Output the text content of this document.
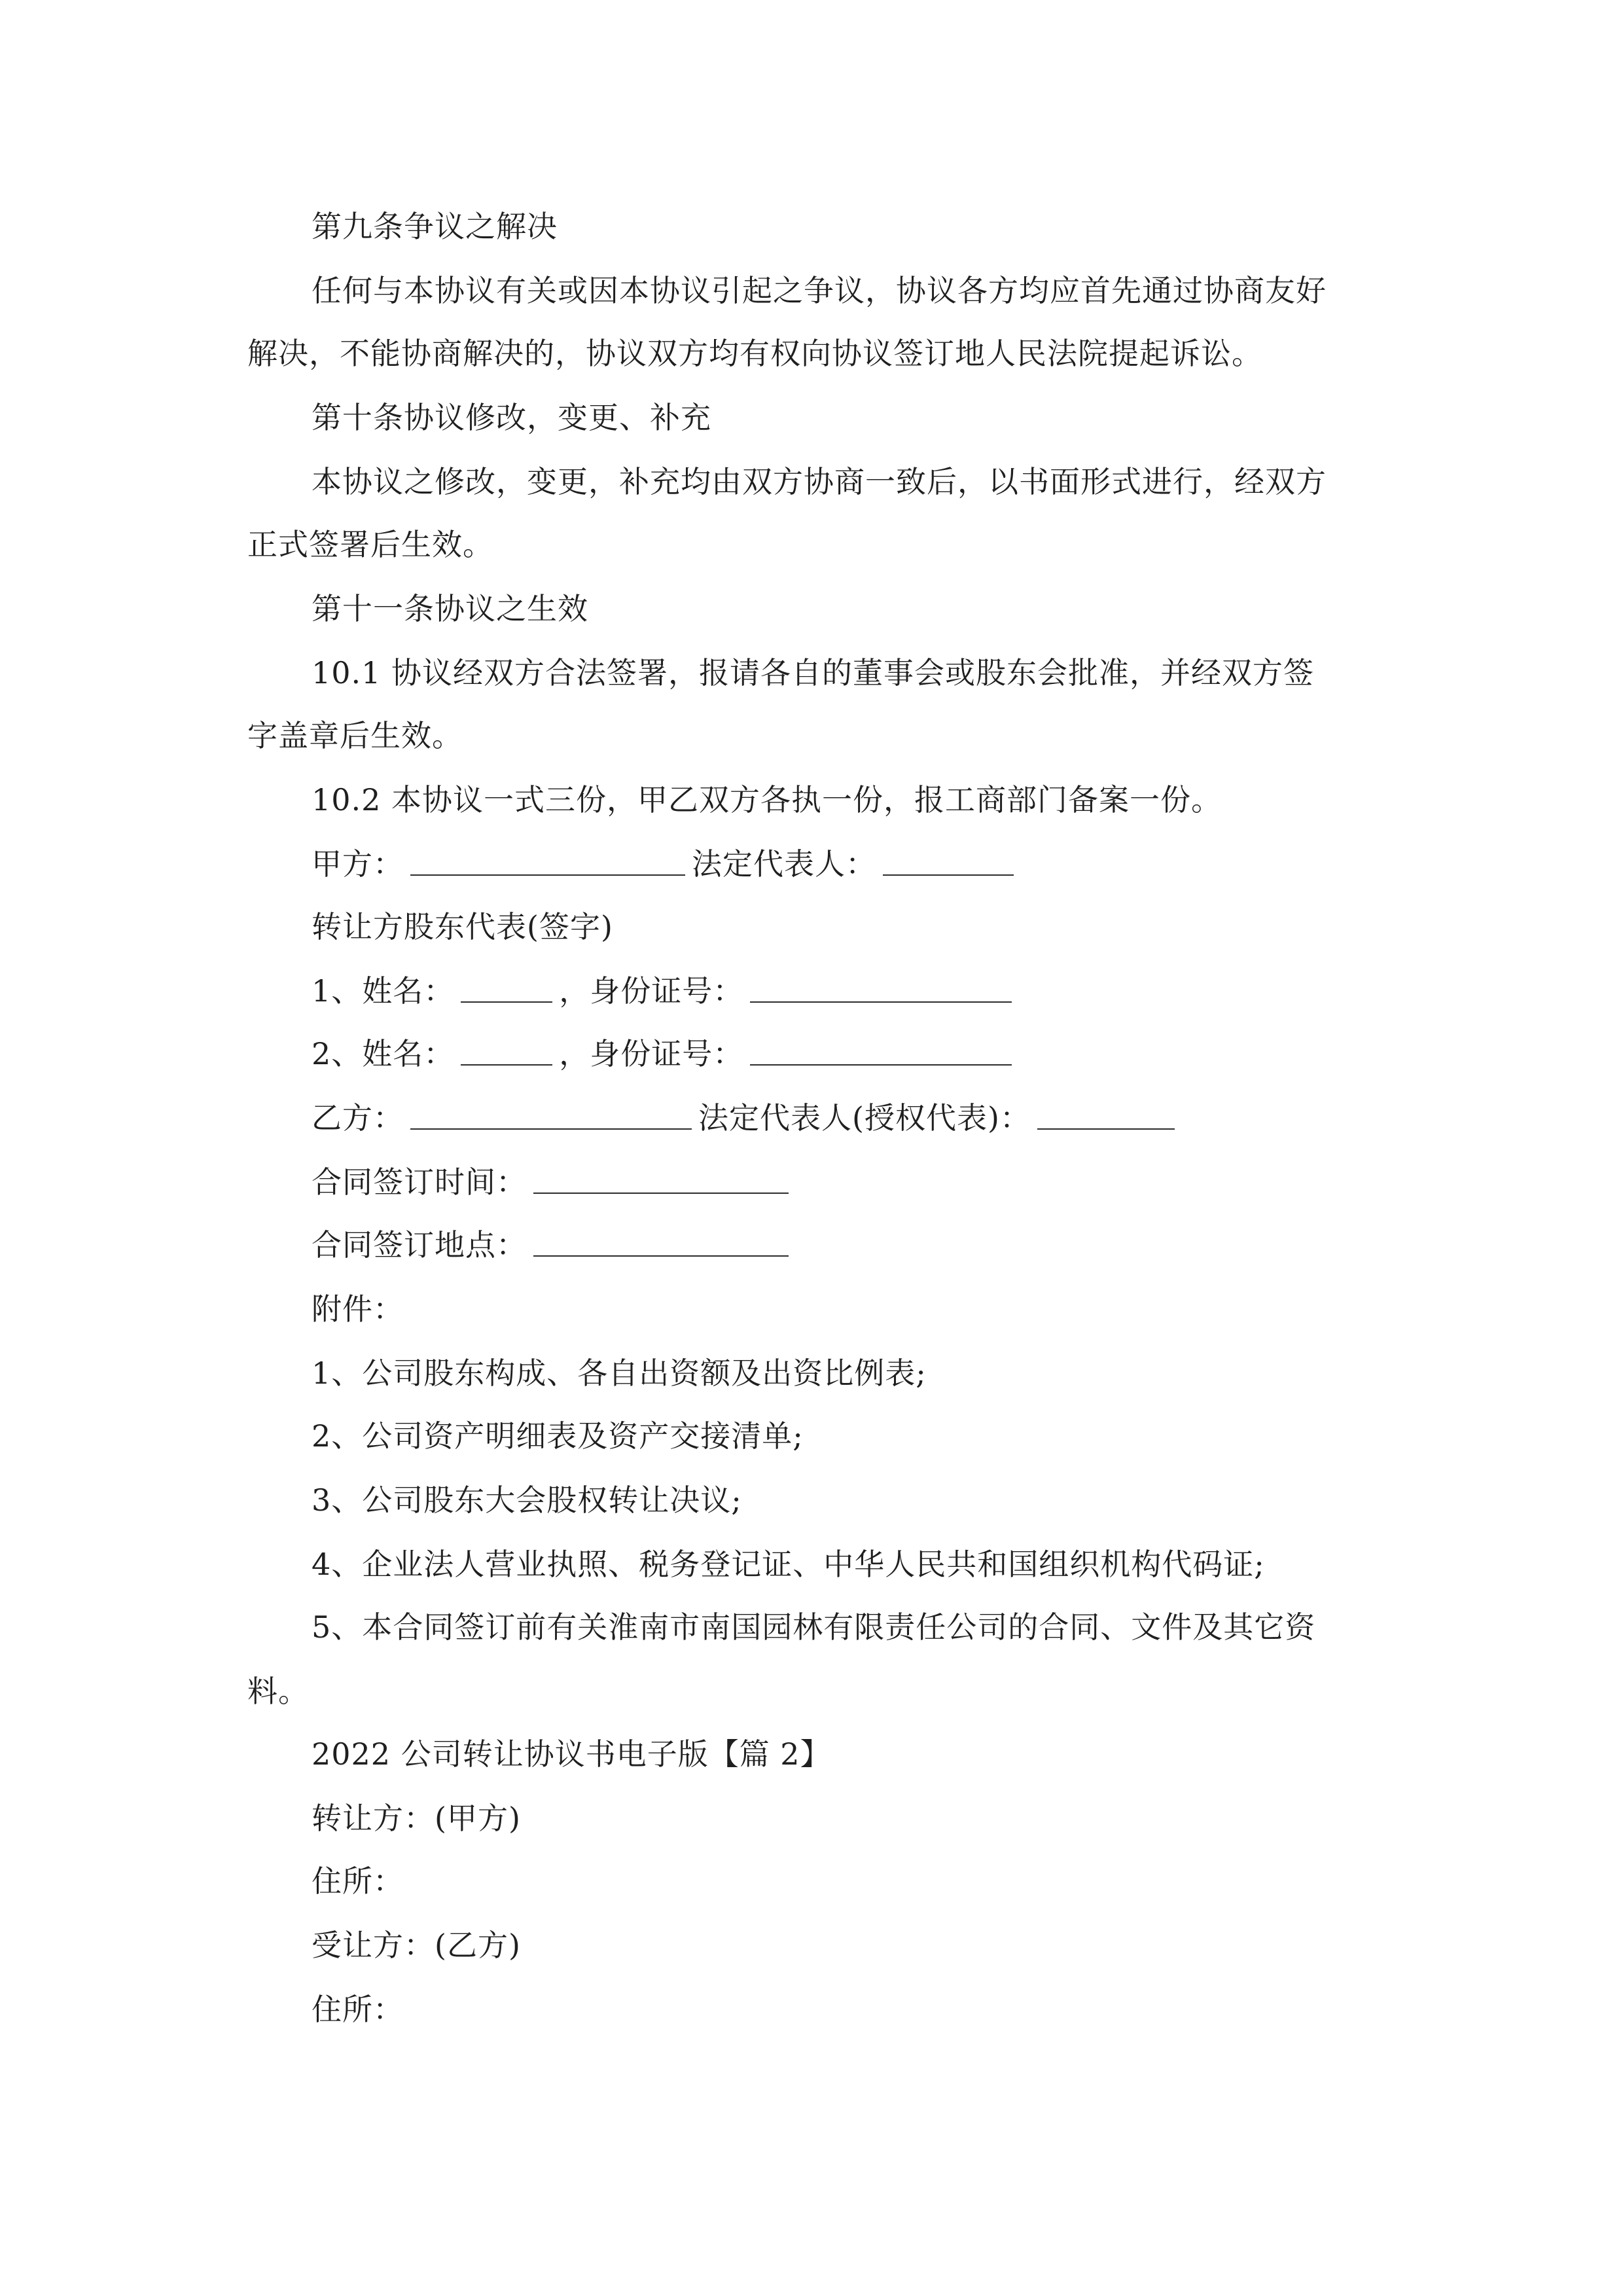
第九条争议之解决
任何与本协议有关或因本协议引起之争议，协议各方均应首先通过协商友好
解决，不能协商解决的，协议双方均有权向协议签订地人民法院提起诉讼。
第十条协议修改，变更、补充
本协议之修改，变更，补充均由双方协商一致后，以书面形式进行，经双方
正式签署后生效。
第十一条协议之生效
10.1 协议经双方合法签署，报请各自的董事会或股东会批准，并经双方签
字盖章后生效。
10.2 本协议一式三份，甲乙双方各执一份，报工商部门备案一份。
甲方：	法定代表人：
转让方股东代表(签字)
1、姓名：	，身份证号：
2、姓名：	，身份证号：
乙方：	法定代表人(授权代表)：
合同签订时间：
合同签订地点：
附件：
1、公司股东构成、各自出资额及出资比例表;
2、公司资产明细表及资产交接清单;
3、公司股东大会股权转让决议;
4、企业法人营业执照、税务登记证、中华人民共和国组织机构代码证;
5、本合同签订前有关淮南市南国园林有限责任公司的合同、文件及其它资
料。
2022 公司转让协议书电子版【篇 2】
转让方：(甲方)
住所：
受让方：(乙方)
住所：
